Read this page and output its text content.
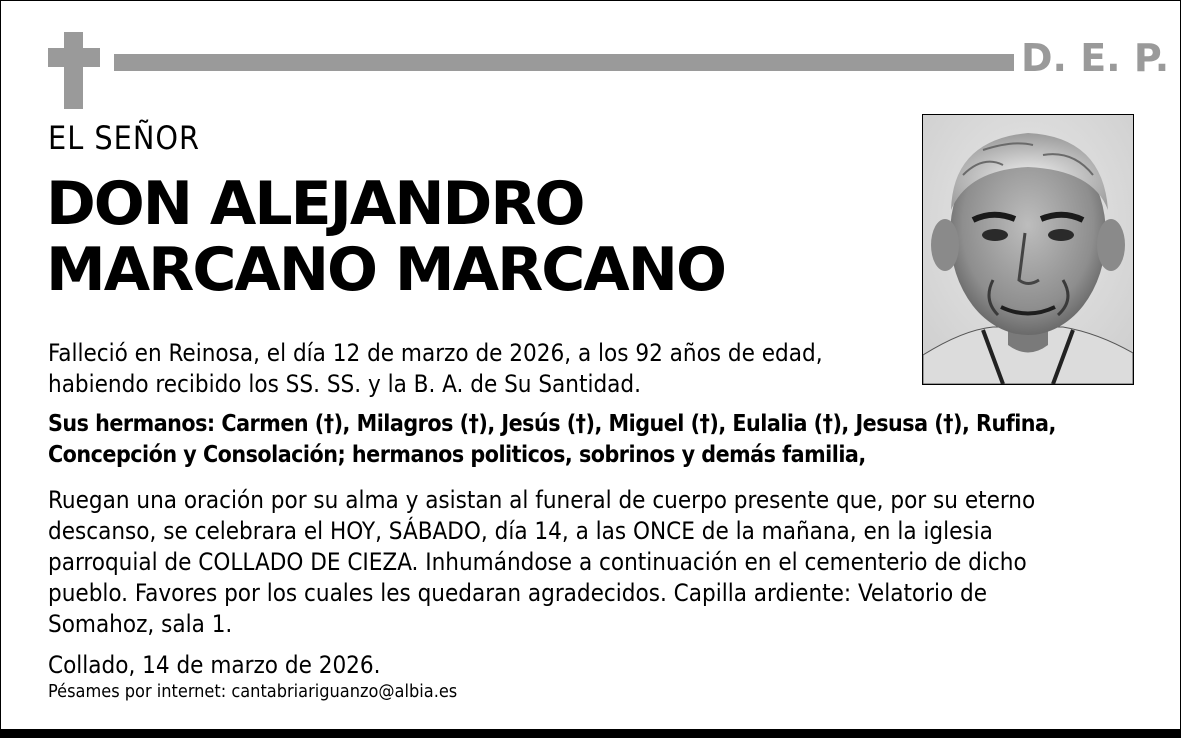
D. E. P.
EL SEÑOR
DON ALEJANDRO
MARCANO MARCANO
Falleció en Reinosa, el día 12 de marzo de 2026, a los 92 años de edad,
habiendo recibido los SS. SS. y la B. A. de Su Santidad.
Sus hermanos: Carmen (†), Milagros (†), Jesús (†), Miguel (†), Eulalia (†), Jesusa (†), Rufina,
Concepción y Consolación; hermanos politicos, sobrinos y demás familia,
Ruegan una oración por su alma y asistan al funeral de cuerpo presente que, por su eterno
descanso, se celebrara el HOY, SÁBADO, día 14, a las ONCE de la mañana, en la iglesia
parroquial de COLLADO DE CIEZA. Inhumándose a continuación en el cementerio de dicho
pueblo. Favores por los cuales les quedaran agradecidos. Capilla ardiente: Velatorio de
Somahoz, sala 1.
Collado, 14 de marzo de 2026.
Pésames por internet: cantabriariguanzo@albia.es
